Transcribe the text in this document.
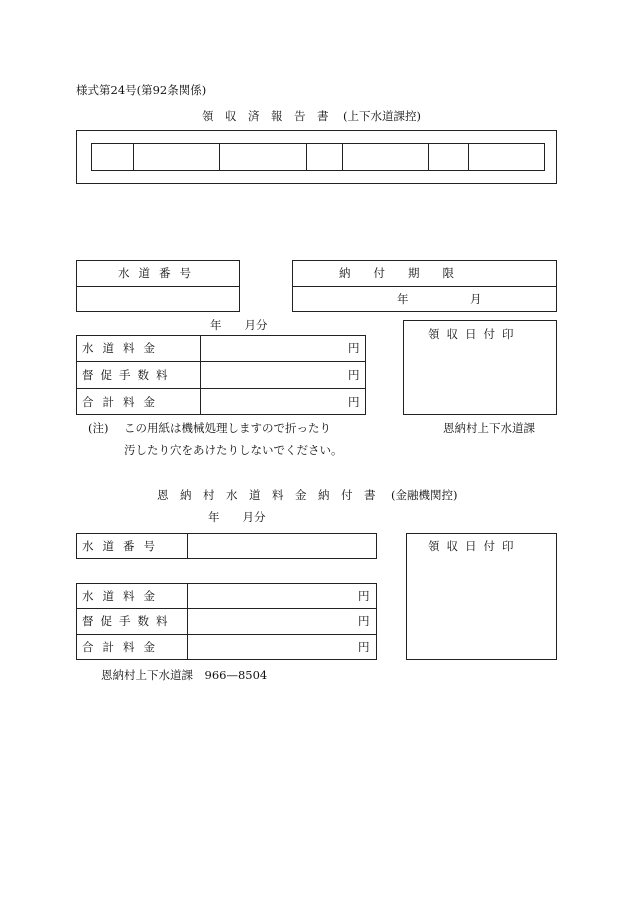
様式第24号(第92条関係)
領　収　済　報　告　書 (上下水道課控)
水道番号	納　　付　　期　　限
年	月
年　　月分
水道料金	円
督促手数料	円
合計料金	円
領収日付印
(注) この用紙は機械処理しますので折ったり
汚したり穴をあけたりしないでください。
恩納村上下水道課
恩　納　村　水　道　料　金　納　付　書 (金融機関控)
年　　月分
水道番号
水道料金	円
督促手数料	円
合計料金	円
領収日付印
恩納村上下水道課　966—8504
